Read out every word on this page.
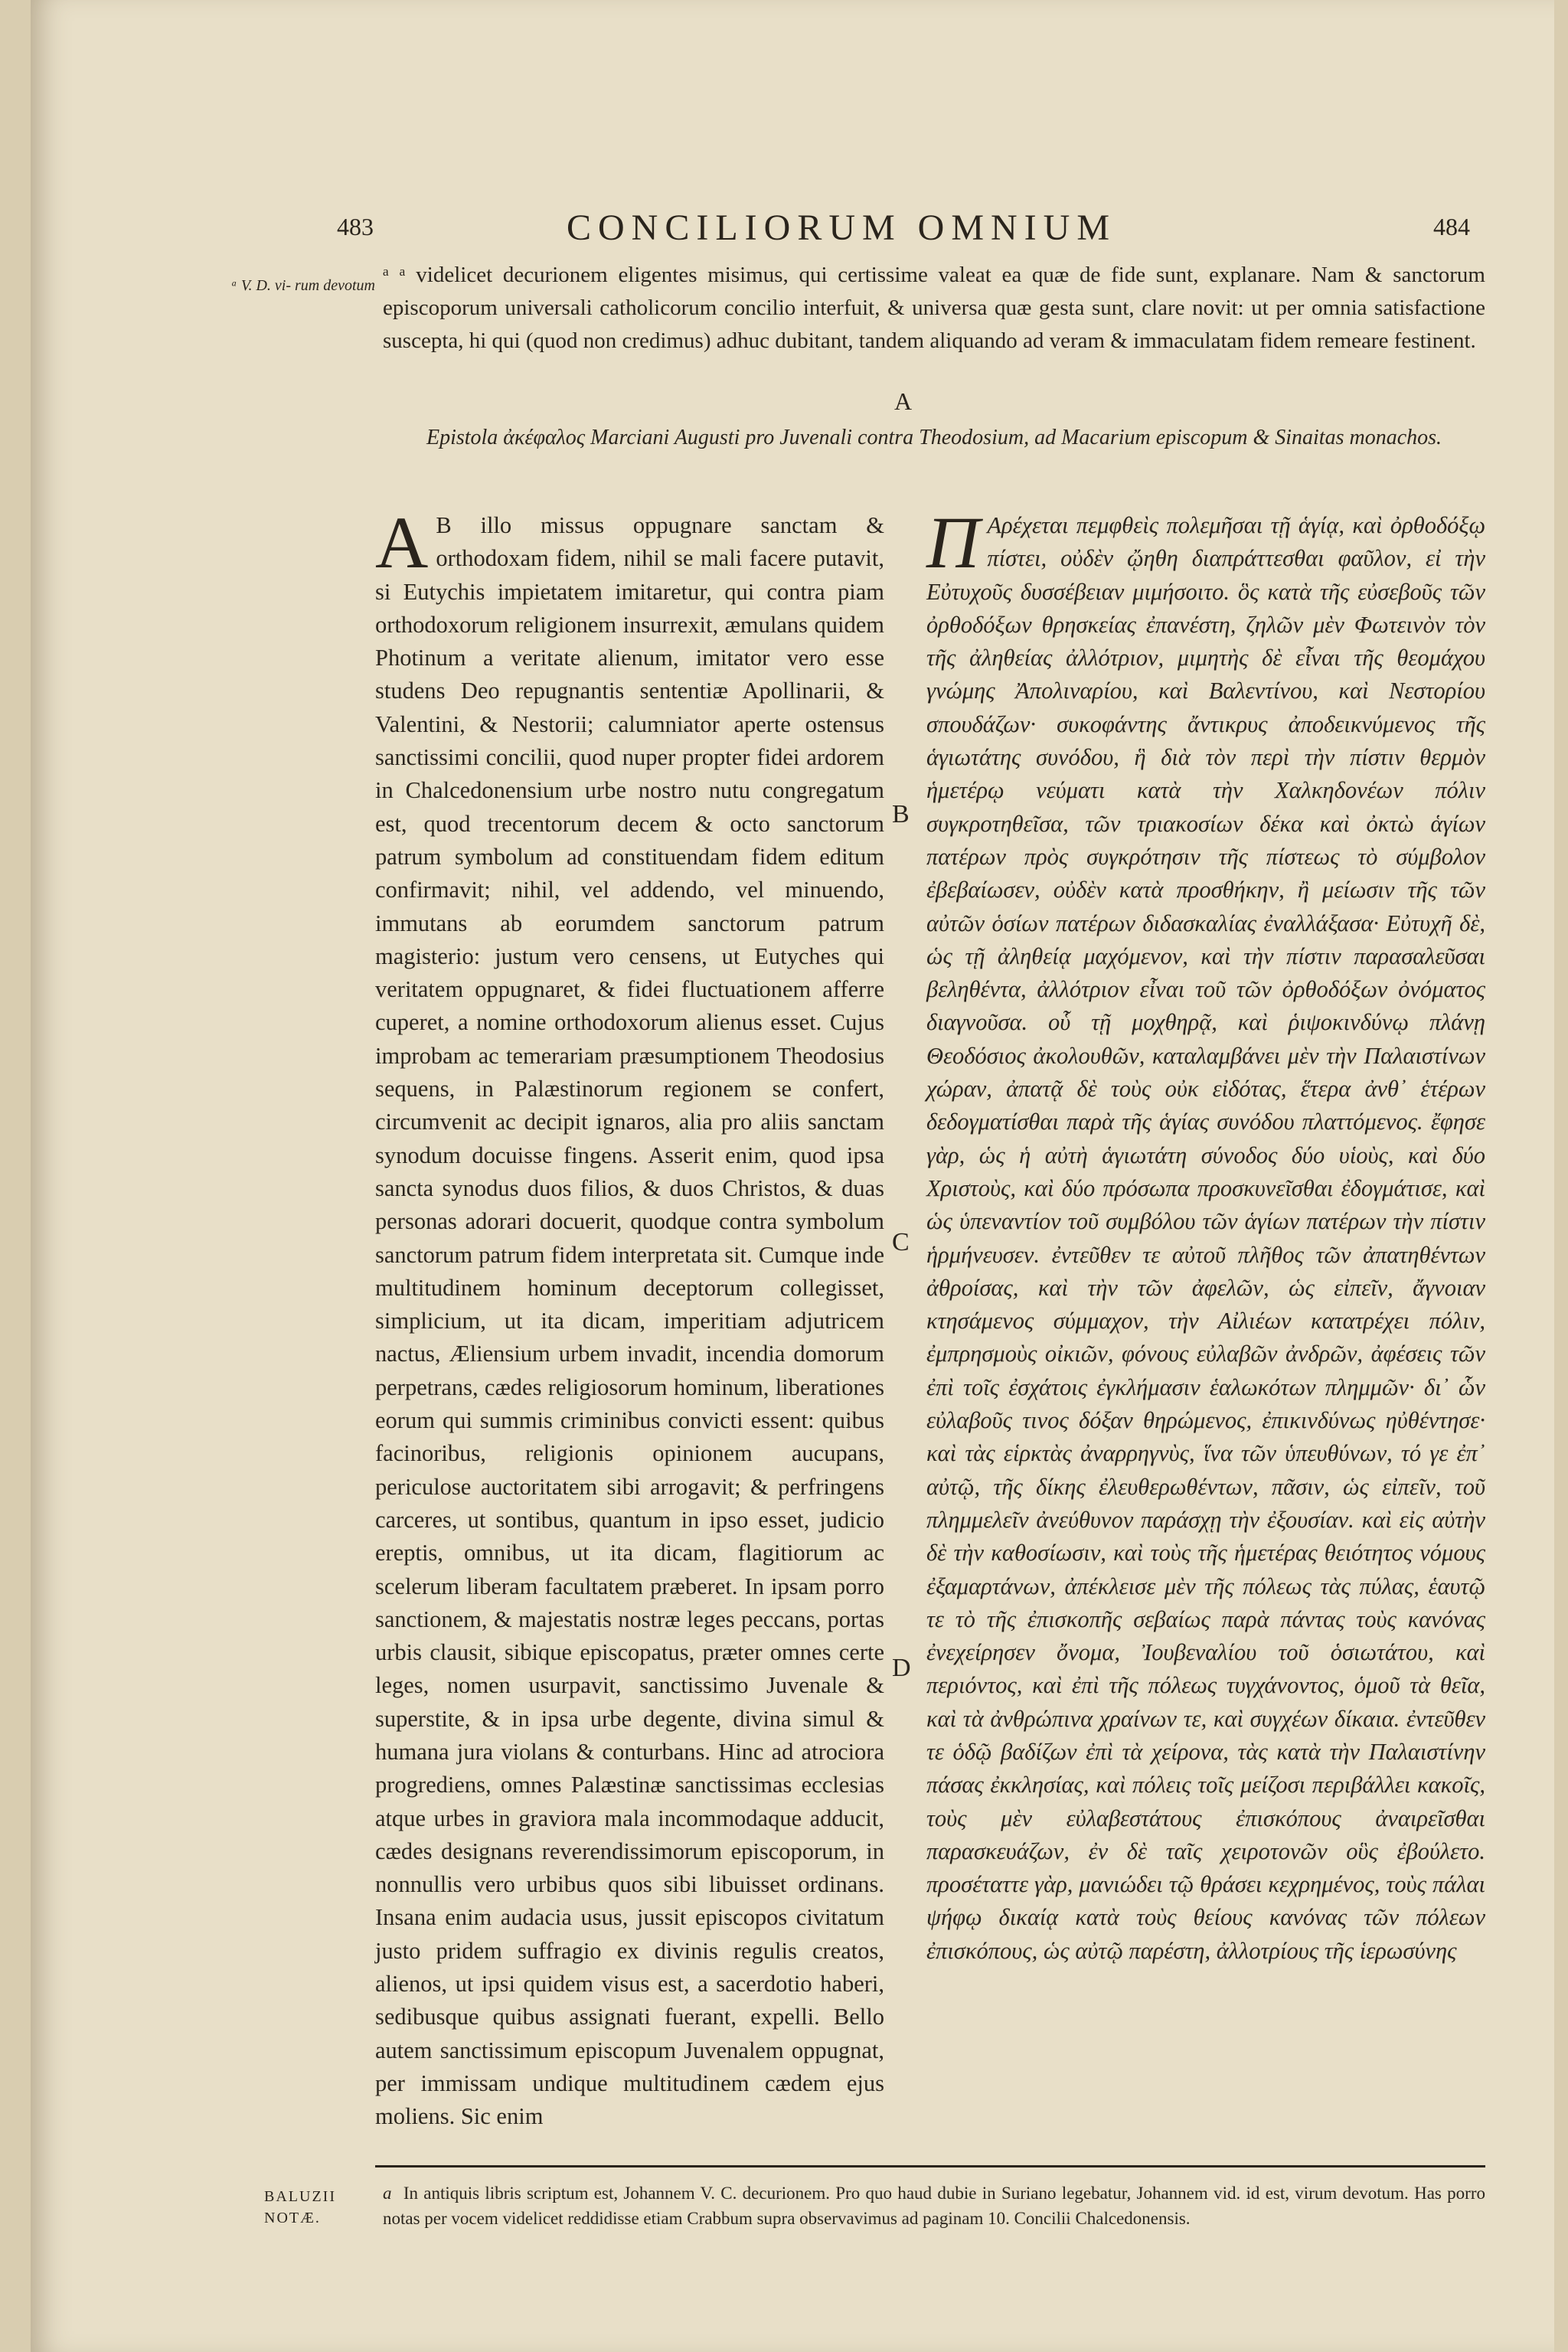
483	CONCILIORUM OMNIUM	484
ᵃ V. D. vi- rum devotum ᵃ ᵃ videlicet decurionem eligentes misimus, qui certissime valeat ea quæ de fide sunt, explanare. Nam & sanctorum episcoporum universali catholicorum concilio interfuit, & universa quæ gesta sunt, clare novit: ut per omnia satisfactione suscepta, hi qui (quod non credimus) adhuc dubitant, tandem aliquando ad veram & immaculatam fidem remeare festinent.
A
Epistola ἀκέφαλος Marciani Augusti pro Juvenali contra Theodosium, ad Macarium episcopum & Sinaitas monachos.
A B illo missus oppugnare sanctam & orthodoxam fidem, nihil se mali facere putavit, si Eutychis impietatem imitaretur, qui contra piam orthodoxorum religionem insurrexit, æmulans quidem Photinum a veritate alienum, imitator vero esse studens Deo repugnantis sententiæ Apollinarii, & Valentini, & Nestorii; calumniator aperte ostensus sanctissimi concilii, quod nuper propter fidei ardorem in Chalcedonensium urbe nostro nutu congregatum est, quod trecentorum decem & octo sanctorum patrum symbolum ad constituendam fidem editum confirmavit; nihil, vel addendo, vel minuendo, immutans ab eorumdem sanctorum patrum magisterio: justum vero censens, ut Eutyches qui veritatem oppugnaret, & fidei fluctuationem afferre cuperet, a nomine orthodoxorum alienus esset. Cujus improbam ac temerariam præsumptionem Theodosius sequens, in Palæstinorum regionem se confert, circumvenit ac decipit ignaros, alia pro aliis sanctam synodum docuisse fingens. Asserit enim, quod ipsa sancta synodus duos filios, & duos Christos, & duas personas adorari docuerit, quodque contra symbolum sanctorum patrum fidem interpretata sit. Cumque inde multitudinem hominum deceptorum collegisset, simplicium, ut ita dicam, imperitiam adjutricem nactus, Æliensium urbem invadit, incendia domorum perpetrans, cædes religiosorum hominum, liberationes eorum qui summis criminibus convicti essent: quibus facinoribus, religionis opinionem aucupans, periculose auctoritatem sibi arrogavit; & perfringens carceres, ut sontibus, quantum in ipso esset, judicio ereptis, omnibus, ut ita dicam, flagitiorum ac scelerum liberam facultatem præberet. In ipsam porro sanctionem, & majestatis nostræ leges peccans, portas urbis clausit, sibique episcopatus, præter omnes certe leges, nomen usurpavit, sanctissimo Juvenale & superstite, & in ipsa urbe degente, divina simul & humana jura violans & conturbans. Hinc ad atrociora progrediens, omnes Palæstinæ sanctissimas ecclesias atque urbes in graviora mala incommodaque adducit, cædes designans reverendissimorum episcoporum, in nonnullis vero urbibus quos sibi libuisset ordinans. Insana enim audacia usus, jussit episcopos civitatum justo pridem suffragio ex divinis regulis creatos, alienos, ut ipsi quidem visus est, a sacerdotio haberi, sedibusque quibus assignati fuerant, expelli. Bello autem sanctissimum episcopum Juvenalem oppugnat, per immissam undique multitudinem cædem ejus moliens. Sic enim
B
C
D
Π Αρέχεται πεμφθεὶς πολεμῆσαι τῇ ἁγίᾳ, καὶ ὀρθοδόξῳ πίστει, οὐδὲν ᾤηθη διαπράττεσθαι φαῦλον, εἰ τὴν Εὐτυχοῦς δυσσέβειαν μιμήσοιτο. ὃς κατὰ τῆς εὐσεβοῦς τῶν ὀρθοδόξων θρησκείας ἐπανέστη, ζηλῶν μὲν Φωτεινὸν τὸν τῆς ἀληθείας ἀλλότριον, μιμητὴς δὲ εἶναι τῆς θεομάχου γνώμης Ἀπολιναρίου, καὶ Βαλεντίνου, καὶ Νεστορίου σπουδάζων· συκοφάντης ἄντικρυς ἀποδεικνύμενος τῆς ἁγιωτάτης συνόδου, ἣ διὰ τὸν περὶ τὴν πίστιν θερμὸν ἡμετέρῳ νεύματι κατὰ τὴν Χαλκηδονέων πόλιν συγκροτηθεῖσα, τῶν τριακοσίων δέκα καὶ ὀκτὼ ἁγίων πατέρων πρὸς συγκρότησιν τῆς πίστεως τὸ σύμβολον ἐβεβαίωσεν, οὐδὲν κατὰ προσθήκην, ἢ μείωσιν τῆς τῶν αὐτῶν ὁσίων πατέρων διδασκαλίας ἐναλλάξασα· Εὐτυχῆ δὲ, ὡς τῇ ἀληθείᾳ μαχόμενον, καὶ τὴν πίστιν παρασαλεῦσαι βεληθέντα, ἀλλότριον εἶναι τοῦ τῶν ὀρθοδόξων ὀνόματος διαγνοῦσα. οὗ τῇ μοχθηρᾷ, καὶ ῥιψοκινδύνῳ πλάνῃ Θεοδόσιος ἀκολουθῶν, καταλαμβάνει μὲν τὴν Παλαιστίνων χώραν, ἀπατᾷ δὲ τοὺς οὐκ εἰδότας, ἕτερα ἀνθ᾿ ἑτέρων δεδογματίσθαι παρὰ τῆς ἁγίας συνόδου πλαττόμενος. ἔφησε γὰρ, ὡς ἡ αὐτὴ ἁγιωτάτη σύνοδος δύο υἱοὺς, καὶ δύο Χριστοὺς, καὶ δύο πρόσωπα προσκυνεῖσθαι ἐδογμάτισε, καὶ ὡς ὑπεναντίον τοῦ συμβόλου τῶν ἁγίων πατέρων τὴν πίστιν ἡρμήνευσεν. ἐντεῦθεν τε αὐτοῦ πλῆθος τῶν ἀπατηθέντων ἀθροίσας, καὶ τὴν τῶν ἀφελῶν, ὡς εἰπεῖν, ἄγνοιαν κτησάμενος σύμμαχον, τὴν Αἰλιέων κατατρέχει πόλιν, ἐμπρησμοὺς οἰκιῶν, φόνους εὐλαβῶν ἀνδρῶν, ἀφέσεις τῶν ἐπὶ τοῖς ἐσχάτοις ἐγκλήμασιν ἑαλωκότων πλημμῶν· δι᾿ ὧν εὐλαβοῦς τινος δόξαν θηρώμενος, ἐπικινδύνως ηὐθέντησε· καὶ τὰς εἱρκτὰς ἀναρρηγνὺς, ἵνα τῶν ὑπευθύνων, τό γε ἐπ᾿ αὐτῷ, τῆς δίκης ἐλευθερωθέντων, πᾶσιν, ὡς εἰπεῖν, τοῦ πλημμελεῖν ἀνεύθυνον παράσχῃ τὴν ἐξουσίαν. καὶ εἰς αὐτὴν δὲ τὴν καθοσίωσιν, καὶ τοὺς τῆς ἡμετέρας θειότητος νόμους ἐξαμαρτάνων, ἀπέκλεισε μὲν τῆς πόλεως τὰς πύλας, ἑαυτῷ τε τὸ τῆς ἐπισκοπῆς σεβαίως παρὰ πάντας τοὺς κανόνας ἐνεχείρησεν ὄνομα, Ἰουβεναλίου τοῦ ὁσιωτάτου, καὶ περιόντος, καὶ ἐπὶ τῆς πόλεως τυγχάνοντος, ὁμοῦ τὰ θεῖα, καὶ τὰ ἀνθρώπινα χραίνων τε, καὶ συγχέων δίκαια. ἐντεῦθεν τε ὁδῷ βαδίζων ἐπὶ τὰ χείρονα, τὰς κατὰ τὴν Παλαιστίνην πάσας ἐκκλησίας, καὶ πόλεις τοῖς μείζοσι περιβάλλει κακοῖς, τοὺς μὲν εὐλαβεστάτους ἐπισκόπους ἀναιρεῖσθαι παρασκευάζων, ἐν δὲ ταῖς χειροτονῶν οὓς ἐβούλετο. προσέταττε γὰρ, μανιώδει τῷ θράσει κεχρημένος, τοὺς πάλαι ψήφῳ δικαίᾳ κατὰ τοὺς θείους κανόνας τῶν πόλεων ἐπισκόπους, ὡς αὐτῷ παρέστη, ἀλλοτρίους τῆς ἱερωσύνης
BALUZII NOTÆ.
a In antiquis libris scriptum est, Johannem V. C. decurionem. Pro quo haud dubie in Suriano legebatur, Johannem vid. id est, virum devotum. Has porro notas per vocem videlicet reddidisse etiam Crabbum supra observavimus ad paginam 10. Concilii Chalcedonensis.
